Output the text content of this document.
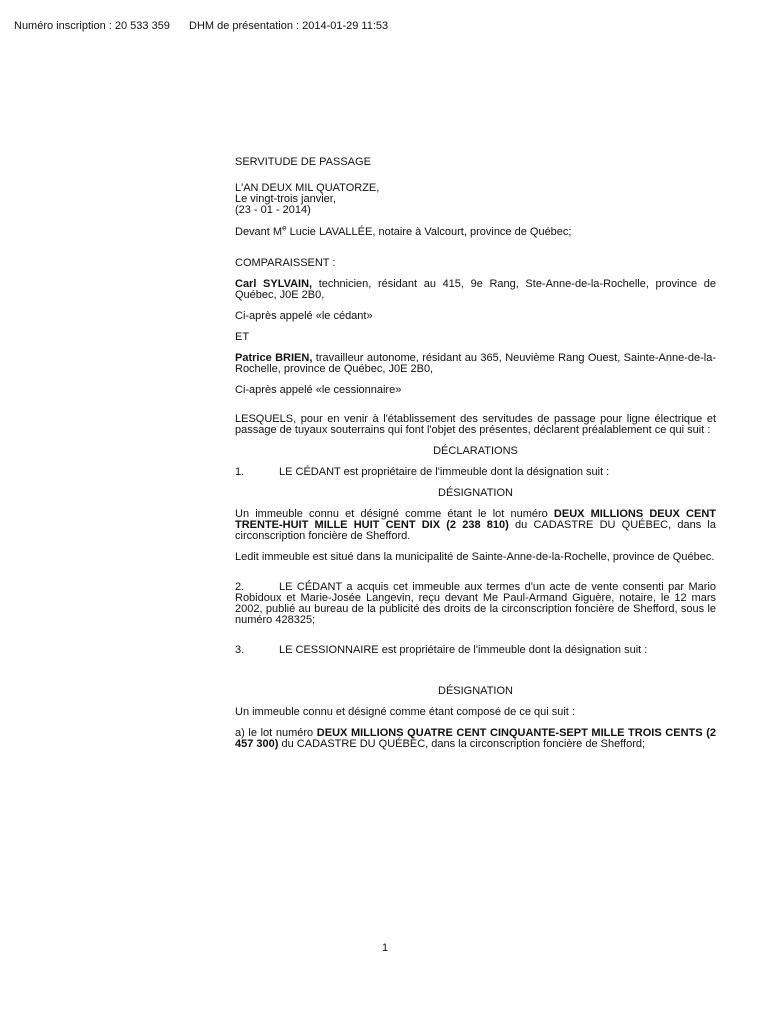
Numéro inscription : 20 533 359 DHM de présentation : 2014-01-29 11:53

SERVITUDE DE PASSAGE

L'AN DEUX MIL QUATORZE,

Le vingt-trois janvier,

(23 - 01 - 2014)

Devant Me Lucie LAVALLÉE, notaire à Valcourt, province de Québec;

COMPARAISSENT :

Carl SYLVAIN, technicien, résidant au 415, 9e Rang, Ste-Anne-de-la-Rochelle, province de Québec, J0E 2B0,

Ci-après appelé «le cédant»

ET

Patrice BRIEN, travailleur autonome, résidant au 365, Neuvième Rang Ouest, Sainte-Anne-de-la-Rochelle, province de Québec, J0E 2B0,

Ci-après appelé «le cessionnaire»

LESQUELS, pour en venir à l'établissement des servitudes de passage pour ligne électrique et passage de tuyaux souterrains qui font l'objet des présentes, déclarent préalablement ce qui suit :

DÉCLARATIONS

1.	LE CÉDANT est propriétaire de l'immeuble dont la désignation suit :

DÉSIGNATION

Un immeuble connu et désigné comme étant le lot numéro DEUX MILLIONS DEUX CENT TRENTE-HUIT MILLE HUIT CENT DIX (2 238 810) du CADASTRE DU QUÉBEC, dans la circonscription foncière de Shefford.

Ledit immeuble est situé dans la municipalité de Sainte-Anne-de-la-Rochelle, province de Québec.

2.	LE CÉDANT a acquis cet immeuble aux termes d'un acte de vente consenti par Mario Robidoux et Marie-Josée Langevin, reçu devant Me Paul-Armand Giguère, notaire, le 12 mars 2002, publié au bureau de la publicité des droits de la circonscription foncière de Shefford, sous le numéro 428325;

3.	LE CESSIONNAIRE est propriétaire de l'immeuble dont la désignation suit :

DÉSIGNATION

Un immeuble connu et désigné comme étant composé de ce qui suit :

a) le lot numéro DEUX MILLIONS QUATRE CENT CINQUANTE-SEPT MILLE TROIS CENTS (2 457 300) du CADASTRE DU QUÉBEC, dans la circonscription foncière de Shefford;

1
